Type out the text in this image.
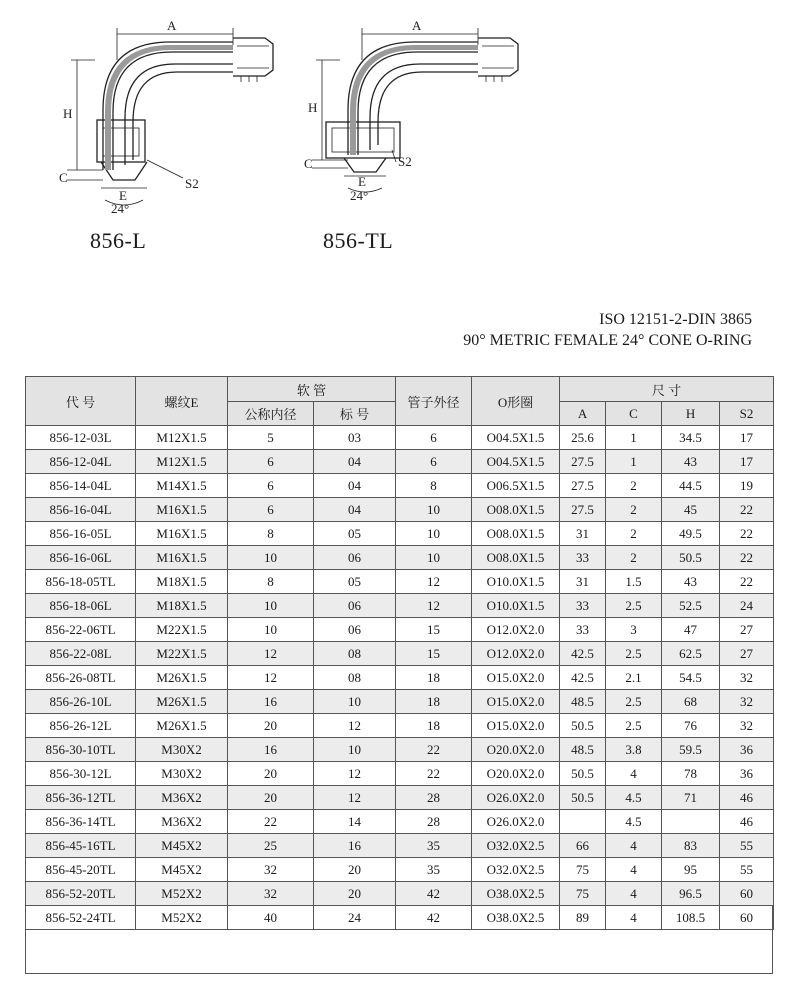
A
H
C
E
S2
24°
A
H
C
E
S2
24°
856-L	856-TL
ISO 12151-2-DIN 3865
90° METRIC FEMALE 24° CONE O-RING
代 号	螺纹E	软 管		管子外径	O形圈	尺 寸			
		公称内径	标 号			A	C	H	S2
856-12-03L	M12X1.5	5	03	6	O04.5X1.5	25.6	1	34.5	17
856-12-04L	M12X1.5	6	04	6	O04.5X1.5	27.5	1	43	17
856-14-04L	M14X1.5	6	04	8	O06.5X1.5	27.5	2	44.5	19
856-16-04L	M16X1.5	6	04	10	O08.0X1.5	27.5	2	45	22
856-16-05L	M16X1.5	8	05	10	O08.0X1.5	31	2	49.5	22
856-16-06L	M16X1.5	10	06	10	O08.0X1.5	33	2	50.5	22
856-18-05TL	M18X1.5	8	05	12	O10.0X1.5	31	1.5	43	22
856-18-06L	M18X1.5	10	06	12	O10.0X1.5	33	2.5	52.5	24
856-22-06TL	M22X1.5	10	06	15	O12.0X2.0	33	3	47	27
856-22-08L	M22X1.5	12	08	15	O12.0X2.0	42.5	2.5	62.5	27
856-26-08TL	M26X1.5	12	08	18	O15.0X2.0	42.5	2.1	54.5	32
856-26-10L	M26X1.5	16	10	18	O15.0X2.0	48.5	2.5	68	32
856-26-12L	M26X1.5	20	12	18	O15.0X2.0	50.5	2.5	76	32
856-30-10TL	M30X2	16	10	22	O20.0X2.0	48.5	3.8	59.5	36
856-30-12L	M30X2	20	12	22	O20.0X2.0	50.5	4	78	36
856-36-12TL	M36X2	20	12	28	O26.0X2.0	50.5	4.5	71	46
856-36-14TL	M36X2	22	14	28	O26.0X2.0		4.5		46
856-45-16TL	M45X2	25	16	35	O32.0X2.5	66	4	83	55
856-45-20TL	M45X2	32	20	35	O32.0X2.5	75	4	95	55
856-52-20TL	M52X2	32	20	42	O38.0X2.5	75	4	96.5	60
856-52-24TL	M52X2	40	24	42	O38.0X2.5	89	4	108.5	60
